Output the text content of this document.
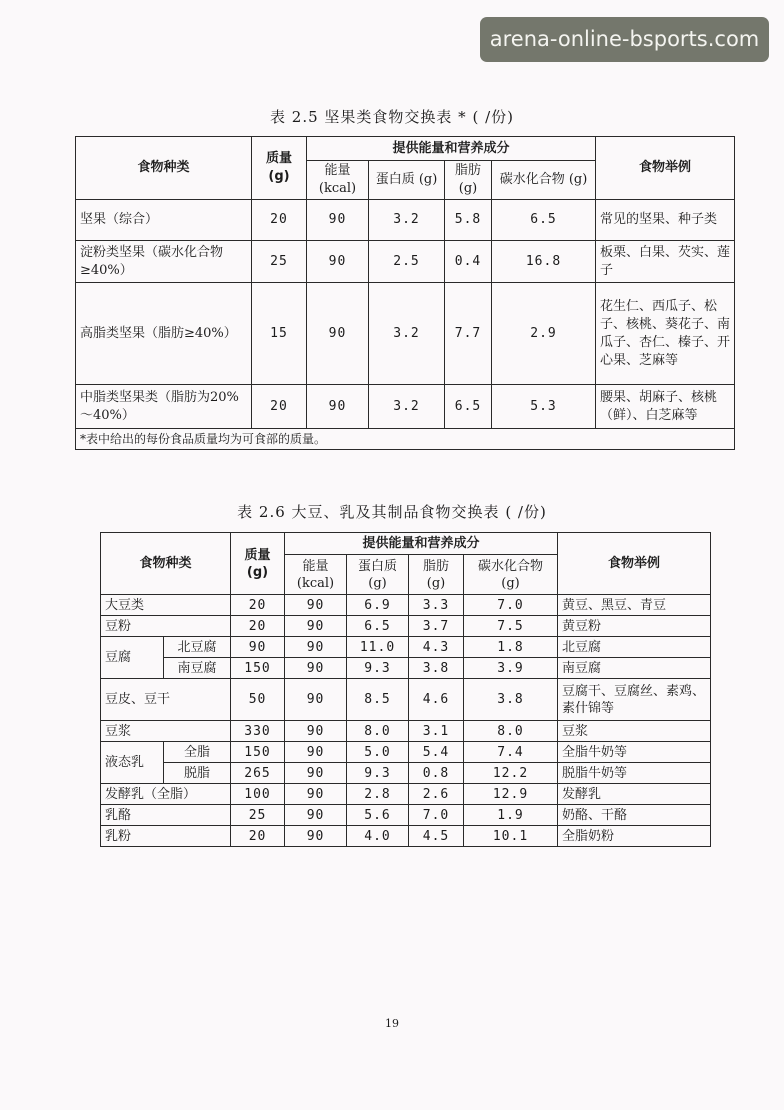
arena-online-bsports.com
表 2.5 坚果类食物交换表 * ( /份)
食物种类	质量 (g)	提供能量和营养成分				食物举例
		能量 (kcal)	蛋白质 (g)	脂肪 (g)	碳水化合物 (g)	
坚果（综合）	20	90	3.2	5.8	6.5	常见的坚果、种子类
淀粉类坚果（碳水化合物≥40%）	25	90	2.5	0.4	16.8	板栗、白果、芡实、莲子
高脂类坚果（脂肪≥40%）	15	90	3.2	7.7	2.9	花生仁、西瓜子、松子、核桃、葵花子、南瓜子、杏仁、榛子、开心果、芝麻等
中脂类坚果类（脂肪为20%～40%）	20	90	3.2	6.5	5.3	腰果、胡麻子、核桃（鲜）、白芝麻等
*表中给出的每份食品质量均为可食部的质量。						
表 2.6 大豆、乳及其制品食物交换表 ( /份)
食物种类		质量 (g)	提供能量和营养成分				食物举例
			能量 (kcal)	蛋白质 (g)	脂肪 (g)	碳水化合物 (g)	
大豆类		20	90	6.9	3.3	7.0	黄豆、黑豆、青豆
豆粉		20	90	6.5	3.7	7.5	黄豆粉
豆腐	北豆腐	90	90	11.0	4.3	1.8	北豆腐
	南豆腐	150	90	9.3	3.8	3.9	南豆腐
豆皮、豆干		50	90	8.5	4.6	3.8	豆腐干、豆腐丝、素鸡、素什锦等
豆浆		330	90	8.0	3.1	8.0	豆浆
液态乳	全脂	150	90	5.0	5.4	7.4	全脂牛奶等
	脱脂	265	90	9.3	0.8	12.2	脱脂牛奶等
发酵乳（全脂）		100	90	2.8	2.6	12.9	发酵乳
乳酪		25	90	5.6	7.0	1.9	奶酪、干酪
乳粉		20	90	4.0	4.5	10.1	全脂奶粉
19
